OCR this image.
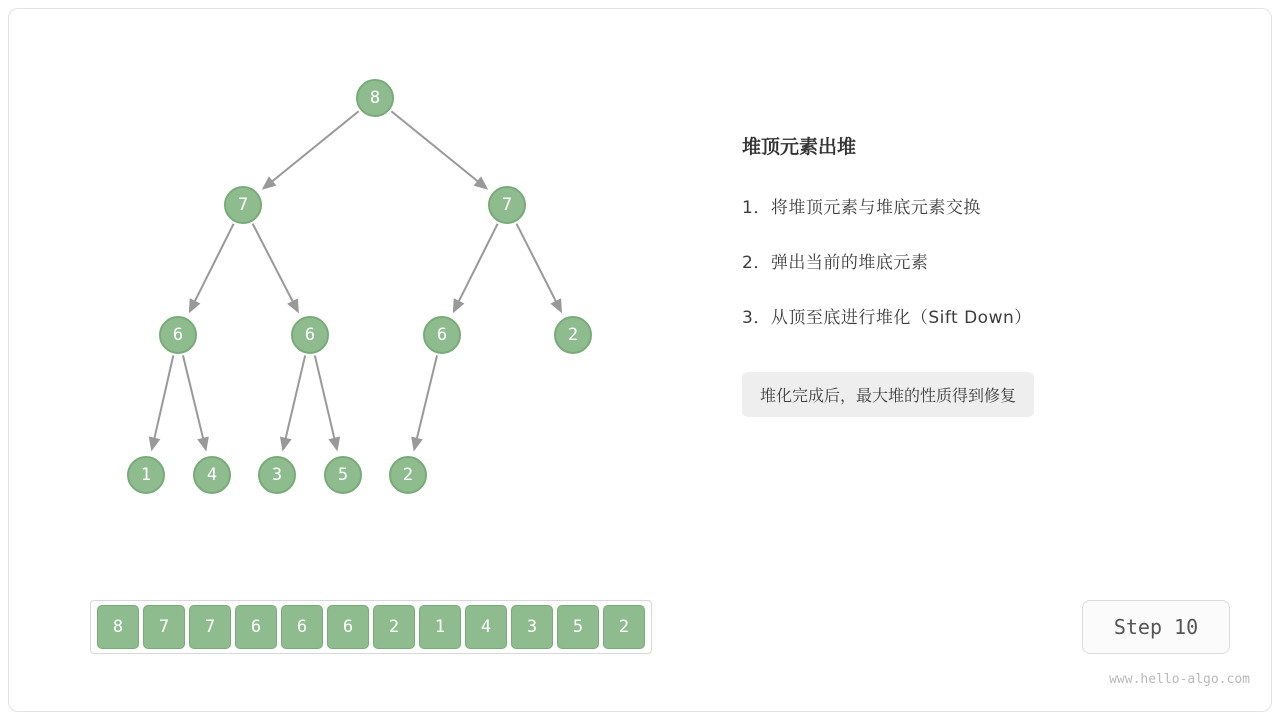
8
7	7
6	6	6	2
1	4	3	5	2
8	7	7	6	6	6	2	1	4	3	5	2
堆顶元素出堆
1．将堆顶元素与堆底元素交换
2．弹出当前的堆底元素
3．从顶至底进行堆化（Sift Down）
堆化完成后，最大堆的性质得到修复
Step 10
www.hello-algo.com
